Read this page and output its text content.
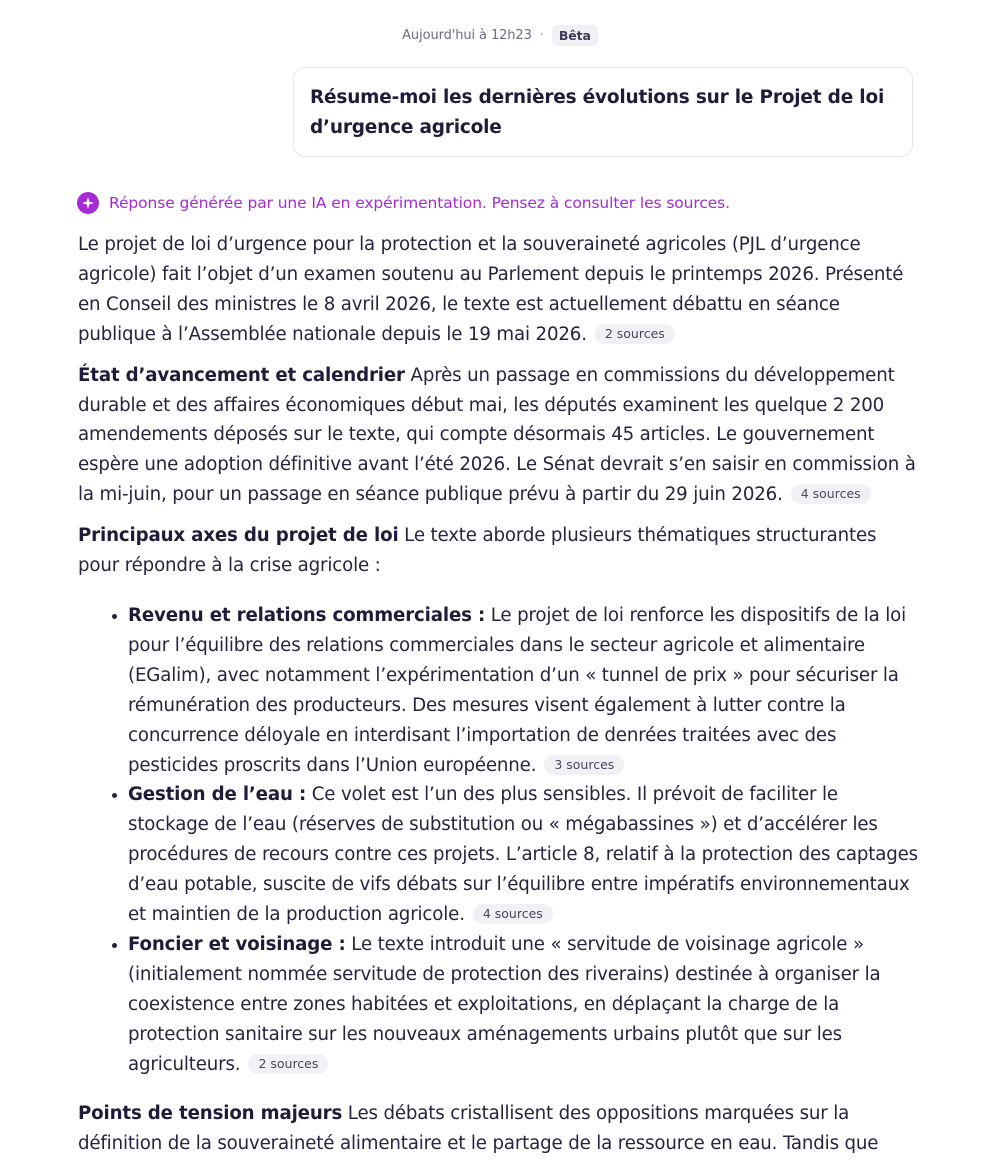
Aujourd'hui à 12h23 ·	Bêta
Résume-moi les dernières évolutions sur le Projet de loi d’urgence agricole
Réponse générée par une IA en expérimentation. Pensez à consulter les sources.

Le projet de loi d’urgence pour la protection et la souveraineté agricoles (PJL d’urgence agricole) fait l’objet d’un examen soutenu au Parlement depuis le printemps 2026. Présenté en Conseil des ministres le 8 avril 2026, le texte est actuellement débattu en séance publique à l’Assemblée nationale depuis le 19 mai 2026. 2 sources

État d’avancement et calendrier Après un passage en commissions du développement durable et des affaires économiques début mai, les députés examinent les quelque 2 200 amendements déposés sur le texte, qui compte désormais 45 articles. Le gouvernement espère une adoption définitive avant l’été 2026. Le Sénat devrait s’en saisir en commission à la mi-juin, pour un passage en séance publique prévu à partir du 29 juin 2026. 4 sources

Principaux axes du projet de loi Le texte aborde plusieurs thématiques structurantes pour répondre à la crise agricole :

• Revenu et relations commerciales : Le projet de loi renforce les dispositifs de la loi pour l’équilibre des relations commerciales dans le secteur agricole et alimentaire (EGalim), avec notamment l’expérimentation d’un « tunnel de prix » pour sécuriser la rémunération des producteurs. Des mesures visent également à lutter contre la concurrence déloyale en interdisant l’importation de denrées traitées avec des pesticides proscrits dans l’Union européenne. 3 sources
• Gestion de l’eau : Ce volet est l’un des plus sensibles. Il prévoit de faciliter le stockage de l’eau (réserves de substitution ou « mégabassines ») et d’accélérer les procédures de recours contre ces projets. L’article 8, relatif à la protection des captages d’eau potable, suscite de vifs débats sur l’équilibre entre impératifs environnementaux et maintien de la production agricole. 4 sources
• Foncier et voisinage : Le texte introduit une « servitude de voisinage agricole » (initialement nommée servitude de protection des riverains) destinée à organiser la coexistence entre zones habitées et exploitations, en déplaçant la charge de la protection sanitaire sur les nouveaux aménagements urbains plutôt que sur les agriculteurs. 2 sources

Points de tension majeurs Les débats cristallisent des oppositions marquées sur la définition de la souveraineté alimentaire et le partage de la ressource en eau. Tandis que
